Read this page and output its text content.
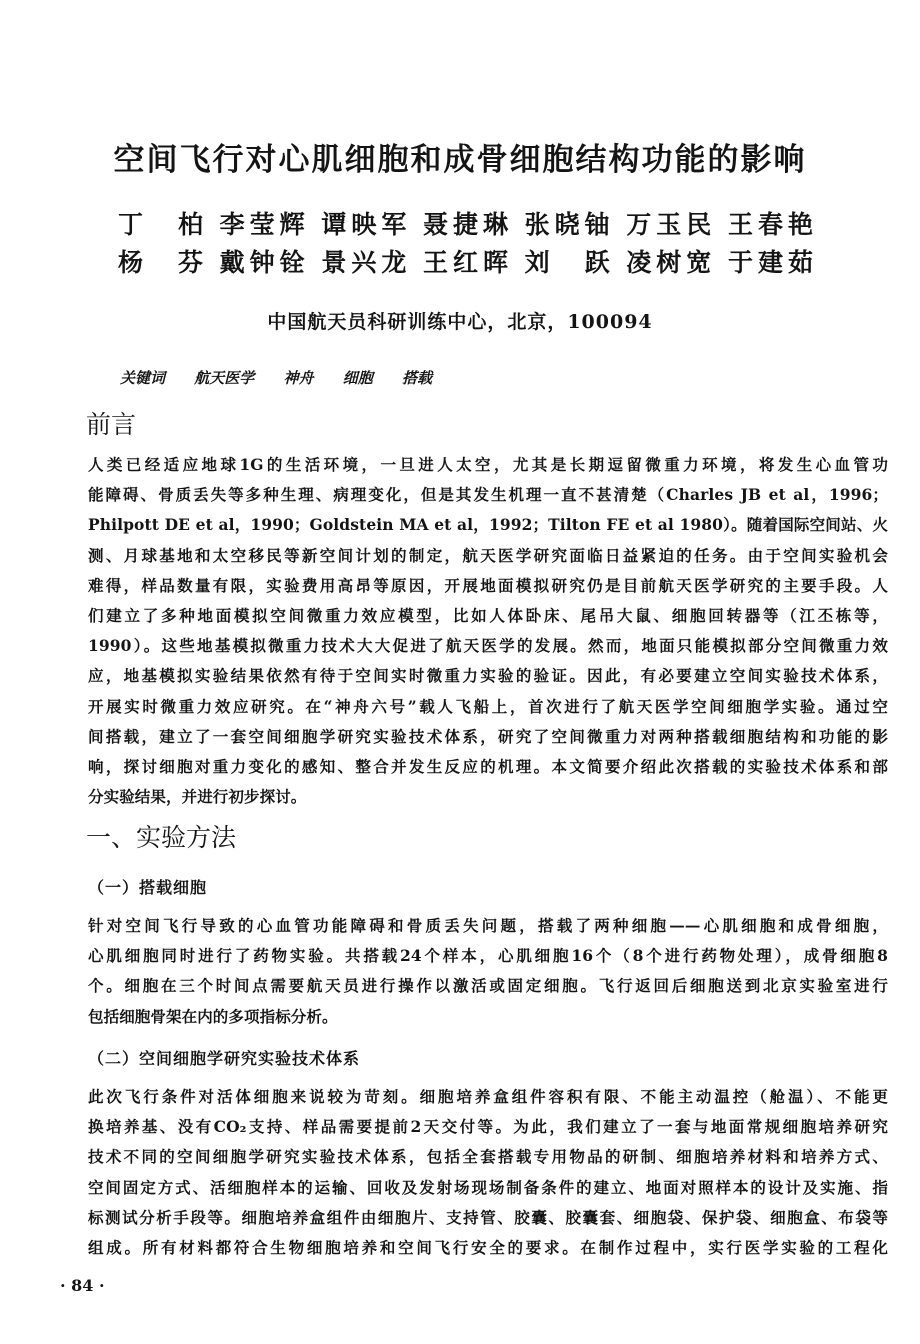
空间飞行对心肌细胞和成骨细胞结构功能的影响
丁　柏 李莹辉 谭映军 聂捷琳 张晓铀 万玉民 王春艳
杨　芬 戴钟铨 景兴龙 王红晖 刘　跃 凌树宽 于建茹
中国航天员科研训练中心，北京，100094
关键词 航天医学 神舟 细胞 搭载
前言
人类已经适应地球1G的生活环境，一旦进人太空，尤其是长期逗留微重力环境，将发生心血管功
能障碍、骨质丢失等多种生理、病理变化，但是其发生机理一直不甚清楚（Charles JB et al，1996；
Philpott DE et al，1990；Goldstein MA et al，1992；Tilton FE et al 1980）。随着国际空间站、火
测、月球基地和太空移民等新空间计划的制定，航天医学研究面临日益紧迫的任务。由于空间实验机会
难得，样品数量有限，实验费用高昂等原因，开展地面模拟研究仍是目前航天医学研究的主要手段。人
们建立了多种地面模拟空间微重力效应模型，比如人体卧床、尾吊大鼠、细胞回转器等（江丕栋等，
1990）。这些地基模拟微重力技术大大促进了航天医学的发展。然而，地面只能模拟部分空间微重力效
应，地基模拟实验结果依然有待于空间实时微重力实验的验证。因此，有必要建立空间实验技术体系，
开展实时微重力效应研究。在“神舟六号”载人飞船上，首次进行了航天医学空间细胞学实验。通过空
间搭载，建立了一套空间细胞学研究实验技术体系，研究了空间微重力对两种搭载细胞结构和功能的影
响，探讨细胞对重力变化的感知、整合并发生反应的机理。本文简要介绍此次搭载的实验技术体系和部
分实验结果，并进行初步探讨。
一、实验方法
（一）搭载细胞
针对空间飞行导致的心血管功能障碍和骨质丢失问题，搭载了两种细胞——心肌细胞和成骨细胞，
心肌细胞同时进行了药物实验。共搭载24个样本，心肌细胞16个（8个进行药物处理），成骨细胞8
个。细胞在三个时间点需要航天员进行操作以激活或固定细胞。飞行返回后细胞送到北京实验室进行
包括细胞骨架在内的多项指标分析。
（二）空间细胞学研究实验技术体系
此次飞行条件对活体细胞来说较为苛刻。细胞培养盒组件容积有限、不能主动温控（舱温）、不能更
换培养基、没有CO₂支持、样品需要提前2天交付等。为此，我们建立了一套与地面常规细胞培养研究
技术不同的空间细胞学研究实验技术体系，包括全套搭载专用物品的研制、细胞培养材料和培养方式、
空间固定方式、活细胞样本的运输、回收及发射场现场制备条件的建立、地面对照样本的设计及实施、指
标测试分析手段等。细胞培养盒组件由细胞片、支持管、胶囊、胶囊套、细胞袋、保护袋、细胞盒、布袋等
组成。所有材料都符合生物细胞培养和空间飞行安全的要求。在制作过程中，实行医学实验的工程化
· 84 ·
